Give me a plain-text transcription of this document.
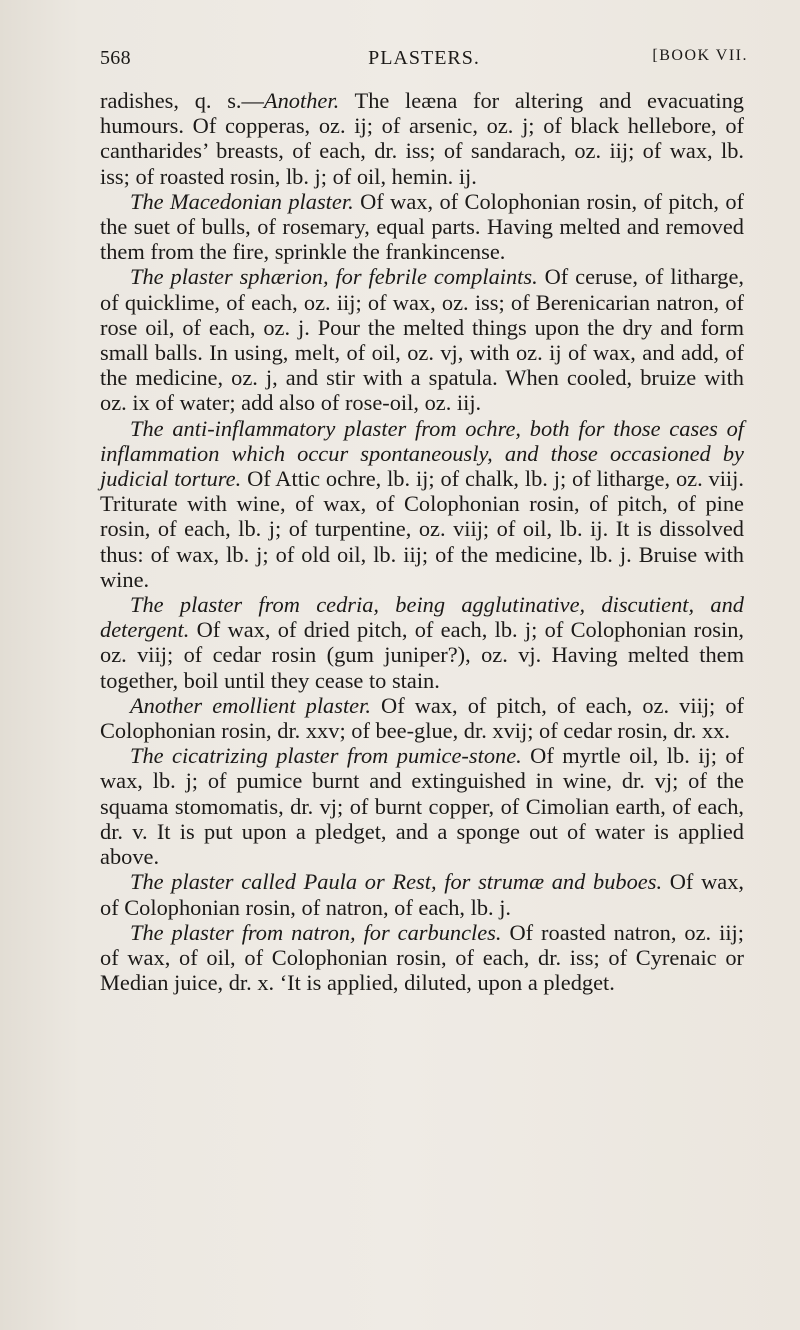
568	PLASTERS.	[BOOK VII.

radishes, q. s.—Another. The leæna for altering and evacuating humours. Of copperas, oz. ij; of arsenic, oz. j; of black hellebore, of cantharides’ breasts, of each, dr. iss; of sandarach, oz. iij; of wax, lb. iss; of roasted rosin, lb. j; of oil, hemin. ij.

The Macedonian plaster. Of wax, of Colophonian rosin, of pitch, of the suet of bulls, of rosemary, equal parts. Having melted and removed them from the fire, sprinkle the frankincense.

The plaster sphærion, for febrile complaints. Of ceruse, of litharge, of quicklime, of each, oz. iij; of wax, oz. iss; of Berenicarian natron, of rose oil, of each, oz. j. Pour the melted things upon the dry and form small balls. In using, melt, of oil, oz. vj, with oz. ij of wax, and add, of the medicine, oz. j, and stir with a spatula. When cooled, bruize with oz. ix of water; add also of rose-oil, oz. iij.

The anti-inflammatory plaster from ochre, both for those cases of inflammation which occur spontaneously, and those occasioned by judicial torture. Of Attic ochre, lb. ij; of chalk, lb. j; of litharge, oz. viij. Triturate with wine, of wax, of Colophonian rosin, of pitch, of pine rosin, of each, lb. j; of turpentine, oz. viij; of oil, lb. ij. It is dissolved thus: of wax, lb. j; of old oil, lb. iij; of the medicine, lb. j. Bruise with wine.

The plaster from cedria, being agglutinative, discutient, and detergent. Of wax, of dried pitch, of each, lb. j; of Colophonian rosin, oz. viij; of cedar rosin (gum juniper?), oz. vj. Having melted them together, boil until they cease to stain.

Another emollient plaster. Of wax, of pitch, of each, oz. viij; of Colophonian rosin, dr. xxv; of bee-glue, dr. xvij; of cedar rosin, dr. xx.

The cicatrizing plaster from pumice-stone. Of myrtle oil, lb. ij; of wax, lb. j; of pumice burnt and extinguished in wine, dr. vj; of the squama stomomatis, dr. vj; of burnt copper, of Cimolian earth, of each, dr. v. It is put upon a pledget, and a sponge out of water is applied above.

The plaster called Paula or Rest, for strumæ and buboes. Of wax, of Colophonian rosin, of natron, of each, lb. j.

The plaster from natron, for carbuncles. Of roasted natron, oz. iij; of wax, of oil, of Colophonian rosin, of each, dr. iss; of Cyrenaic or Median juice, dr. x. ‘It is applied, diluted, upon a pledget.
